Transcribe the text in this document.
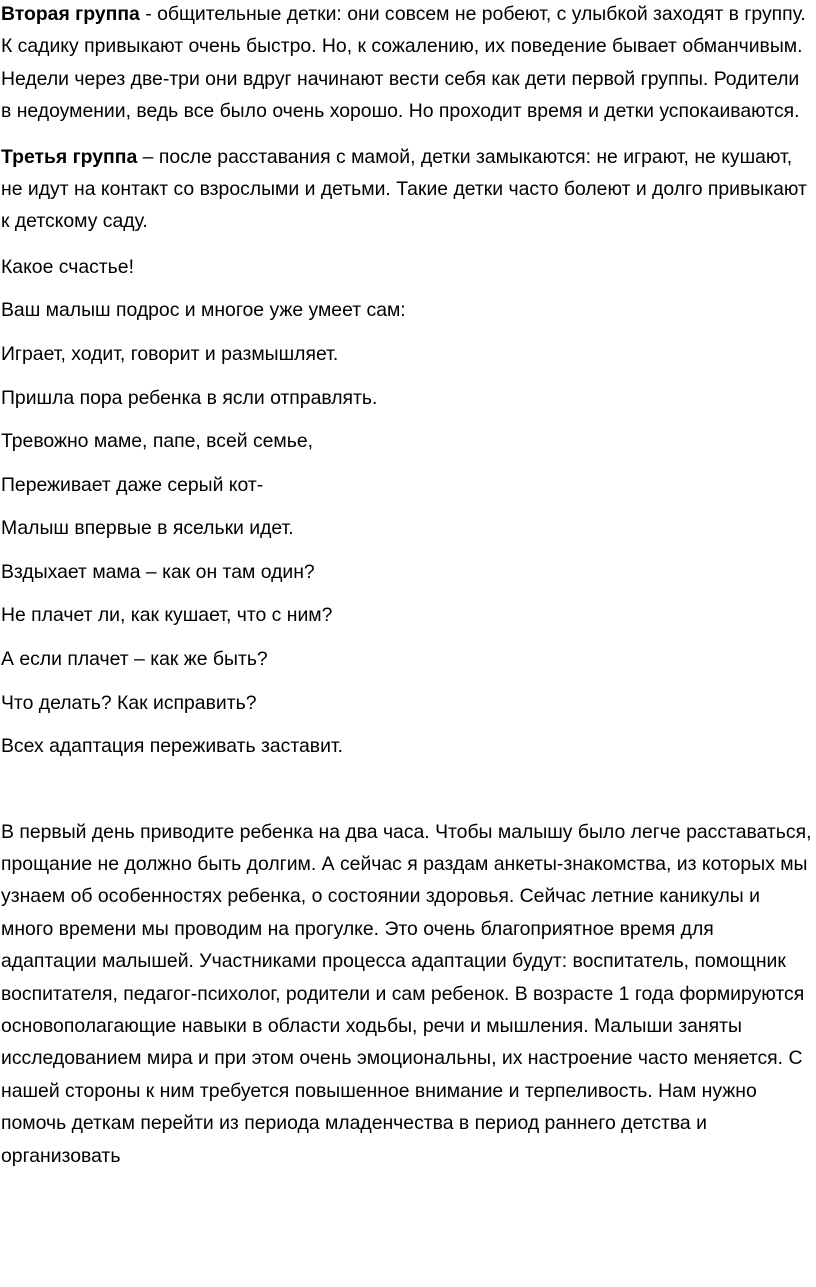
Вторая группа - общительные детки: они совсем не робеют, с улыбкой заходят в группу. К садику привыкают очень быстро. Но, к сожалению, их поведение бывает обманчивым. Недели через две-три они вдруг начинают вести себя как дети первой группы. Родители в недоумении, ведь все было очень хорошо. Но проходит время и детки успокаиваются.

Третья группа – после расставания с мамой, детки замыкаются: не играют, не кушают, не идут на контакт со взрослыми и детьми. Такие детки часто болеют и долго привыкают к детскому саду.

Какое счастье!

Ваш малыш подрос и многое уже умеет сам:

Играет, ходит, говорит и размышляет.

Пришла пора ребенка в ясли отправлять.

Тревожно маме, папе, всей семье,

Переживает даже серый кот-

Малыш впервые в ясельки идет.

Вздыхает мама – как он там один?

Не плачет ли, как кушает, что с ним?

А если плачет – как же быть?

Что делать? Как исправить?

Всех адаптация переживать заставит.

В первый день приводите ребенка на два часа. Чтобы малышу было легче расставаться, прощание не должно быть долгим. А сейчас я раздам анкеты-знакомства, из которых мы узнаем об особенностях ребенка, о состоянии здоровья. Сейчас летние каникулы и много времени мы проводим на прогулке. Это очень благоприятное время для адаптации малышей. Участниками процесса адаптации будут: воспитатель, помощник воспитателя, педагог-психолог, родители и сам ребенок. В возрасте 1 года формируются основополагающие навыки в области ходьбы, речи и мышления. Малыши заняты исследованием мира и при этом очень эмоциональны, их настроение часто меняется. С нашей стороны к ним требуется повышенное внимание и терпеливость. Нам нужно помочь деткам перейти из периода младенчества в период раннего детства и организовать
